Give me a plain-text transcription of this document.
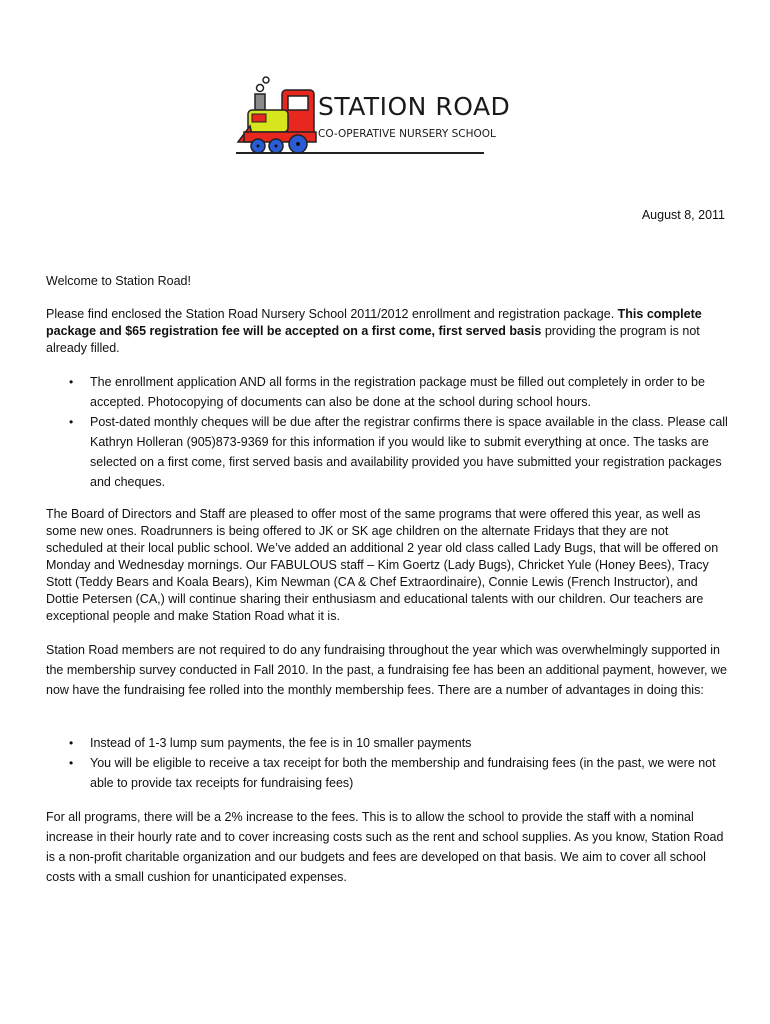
STATION ROAD
CO-OPERATIVE NURSERY SCHOOL
August 8, 2011
Welcome to Station Road!

Please find enclosed the Station Road Nursery School 2011/2012 enrollment and registration package. This complete package and $65 registration fee will be accepted on a first come, first served basis providing the program is not already filled.

• The enrollment application AND all forms in the registration package must be filled out completely in order to be accepted. Photocopying of documents can also be done at the school during school hours.
• Post-dated monthly cheques will be due after the registrar confirms there is space available in the class. Please call Kathryn Holleran (905)873-9369 for this information if you would like to submit everything at once. The tasks are selected on a first come, first served basis and availability provided you have submitted your registration packages and cheques.
The Board of Directors and Staff are pleased to offer most of the same programs that were offered this year, as well as some new ones. Roadrunners is being offered to JK or SK age children on the alternate Fridays that they are not scheduled at their local public school. We’ve added an additional 2 year old class called Lady Bugs, that will be offered on Monday and Wednesday mornings. Our FABULOUS staff – Kim Goertz (Lady Bugs), Chricket Yule (Honey Bees), Tracy Stott (Teddy Bears and Koala Bears), Kim Newman (CA & Chef Extraordinaire), Connie Lewis (French Instructor), and Dottie Petersen (CA,) will continue sharing their enthusiasm and educational talents with our children. Our teachers are exceptional people and make Station Road what it is.
Station Road members are not required to do any fundraising throughout the year which was overwhelmingly supported in the membership survey conducted in Fall 2010. In the past, a fundraising fee has been an additional payment, however, we now have the fundraising fee rolled into the monthly membership fees. There are a number of advantages in doing this:
• Instead of 1-3 lump sum payments, the fee is in 10 smaller payments
• You will be eligible to receive a tax receipt for both the membership and fundraising fees (in the past, we were not able to provide tax receipts for fundraising fees)
For all programs, there will be a 2% increase to the fees. This is to allow the school to provide the staff with a nominal increase in their hourly rate and to cover increasing costs such as the rent and school supplies. As you know, Station Road is a non-profit charitable organization and our budgets and fees are developed on that basis. We aim to cover all school costs with a small cushion for unanticipated expenses.
